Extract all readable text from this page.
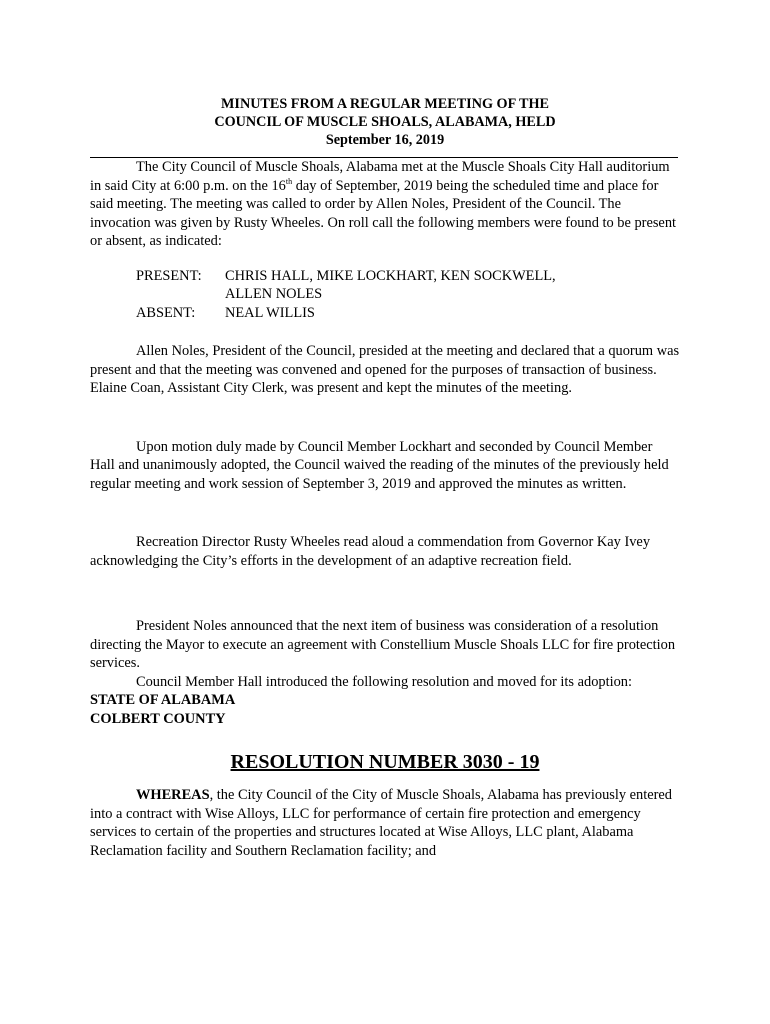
MINUTES FROM A REGULAR MEETING OF THE
COUNCIL OF MUSCLE SHOALS, ALABAMA, HELD
September 16, 2019

The City Council of Muscle Shoals, Alabama met at the Muscle Shoals City Hall auditorium in said City at 6:00 p.m. on the 16th day of September, 2019 being the scheduled time and place for said meeting. The meeting was called to order by Allen Noles, President of the Council. The invocation was given by Rusty Wheeles. On roll call the following members were found to be present or absent, as indicated:

PRESENT:	CHRIS HALL, MIKE LOCKHART, KEN SOCKWELL,
ALLEN NOLES
ABSENT:	NEAL WILLIS

Allen Noles, President of the Council, presided at the meeting and declared that a quorum was present and that the meeting was convened and opened for the purposes of transaction of business. Elaine Coan, Assistant City Clerk, was present and kept the minutes of the meeting.

Upon motion duly made by Council Member Lockhart and seconded by Council Member Hall and unanimously adopted, the Council waived the reading of the minutes of the previously held regular meeting and work session of September 3, 2019 and approved the minutes as written.

Recreation Director Rusty Wheeles read aloud a commendation from Governor Kay Ivey acknowledging the City’s efforts in the development of an adaptive recreation field.

President Noles announced that the next item of business was consideration of a resolution directing the Mayor to execute an agreement with Constellium Muscle Shoals LLC for fire protection services.

Council Member Hall introduced the following resolution and moved for its adoption:

STATE OF ALABAMA

COLBERT COUNTY

RESOLUTION NUMBER 3030 - 19

WHEREAS, the City Council of the City of Muscle Shoals, Alabama has previously entered into a contract with Wise Alloys, LLC for performance of certain fire protection and emergency services to certain of the properties and structures located at Wise Alloys, LLC plant, Alabama Reclamation facility and Southern Reclamation facility; and
